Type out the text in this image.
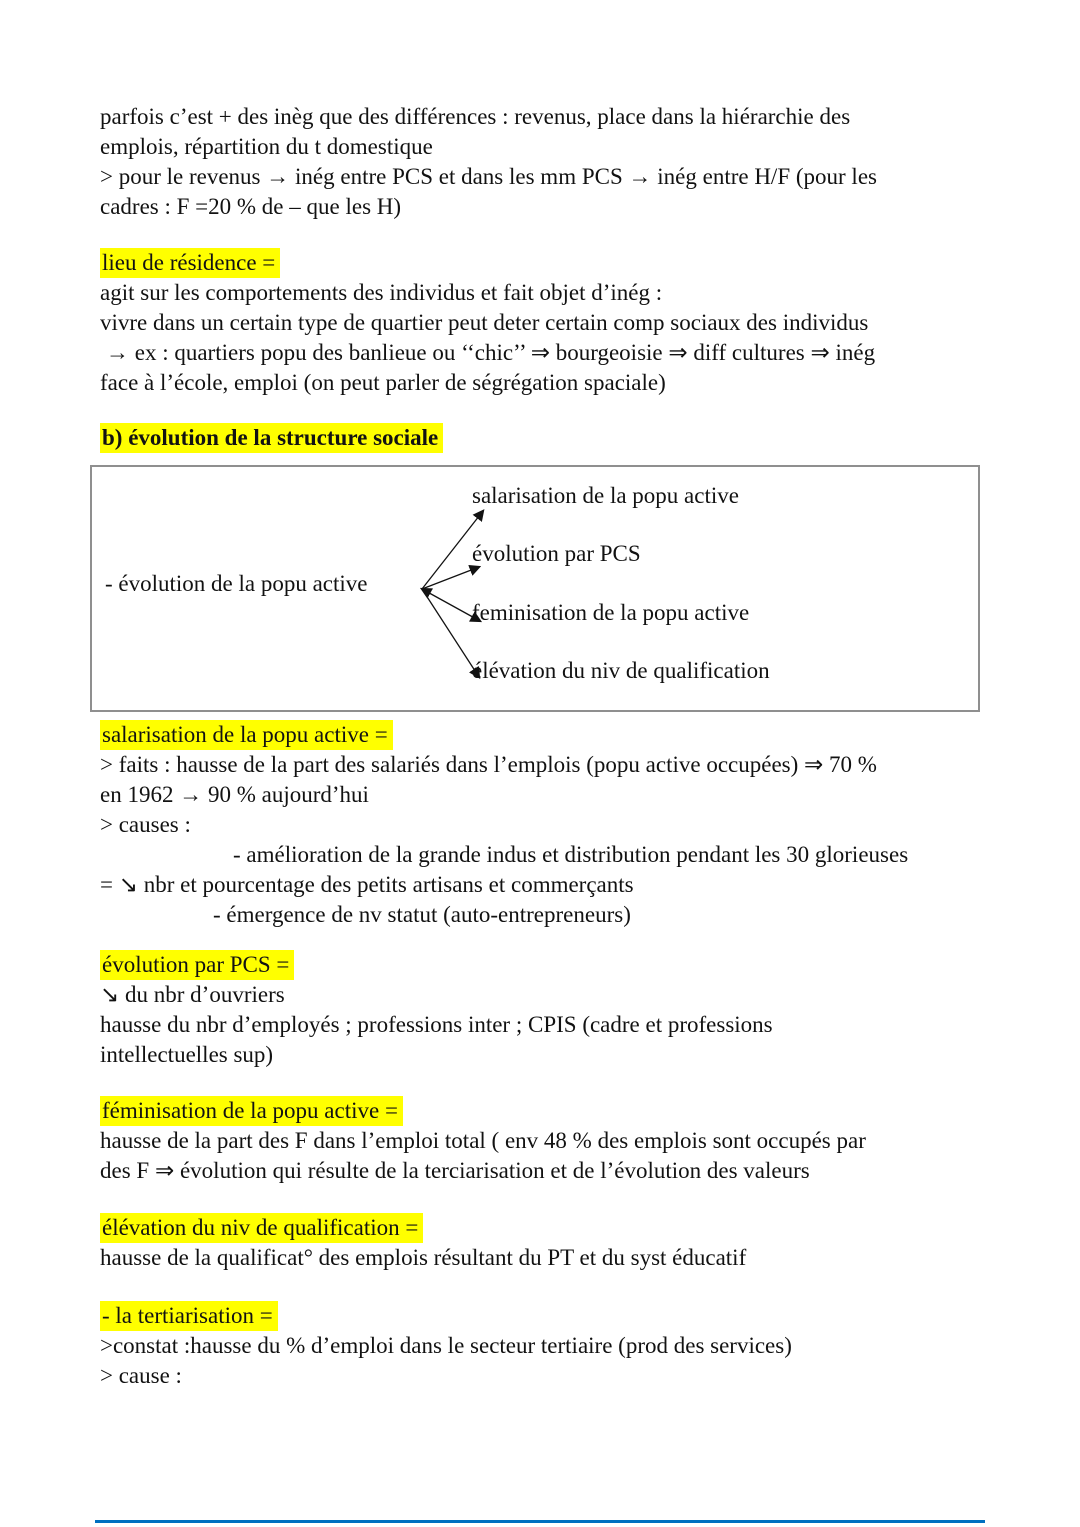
parfois c’est + des inèg que des différences : revenus, place dans la hiérarchie des
emplois, répartition du t domestique
> pour le revenus → inég entre PCS et dans les mm PCS → inég entre H/F (pour les
cadres : F =20 % de – que les H)
lieu de résidence =
agit sur les comportements des individus et fait objet d’inég :
vivre dans un certain type de quartier peut deter certain comp sociaux des individus
→ ex : quartiers popu des banlieue ou ‘‘chic’’ ⇒ bourgeoisie ⇒ diff cultures ⇒ inég
face à l’école, emploi (on peut parler de ségrégation spaciale)
b) évolution de la structure sociale
- évolution de la popu active
salarisation de la popu active
évolution par PCS
feminisation de la popu active
élévation du niv de qualification
salarisation de la popu active =
> faits : hausse de la part des salariés dans l’emplois (popu active occupées) ⇒ 70 %
en 1962 → 90 % aujourd’hui
> causes :
- amélioration de la grande indus et distribution pendant les 30 glorieuses
= ↘ nbr et pourcentage des petits artisans et commerçants
- émergence de nv statut (auto-entrepreneurs)
évolution par PCS =
↘ du nbr d’ouvriers
hausse du nbr d’employés ; professions inter ; CPIS (cadre et professions
intellectuelles sup)
féminisation de la popu active =
hausse de la part des F dans l’emploi total ( env 48 % des emplois sont occupés par
des F ⇒ évolution qui résulte de la terciarisation et de l’évolution des valeurs
élévation du niv de qualification =
hausse de la qualificat° des emplois résultant du PT et du syst éducatif
- la tertiarisation =
>constat :hausse du % d’emploi dans le secteur tertiaire (prod des services)
> cause :
